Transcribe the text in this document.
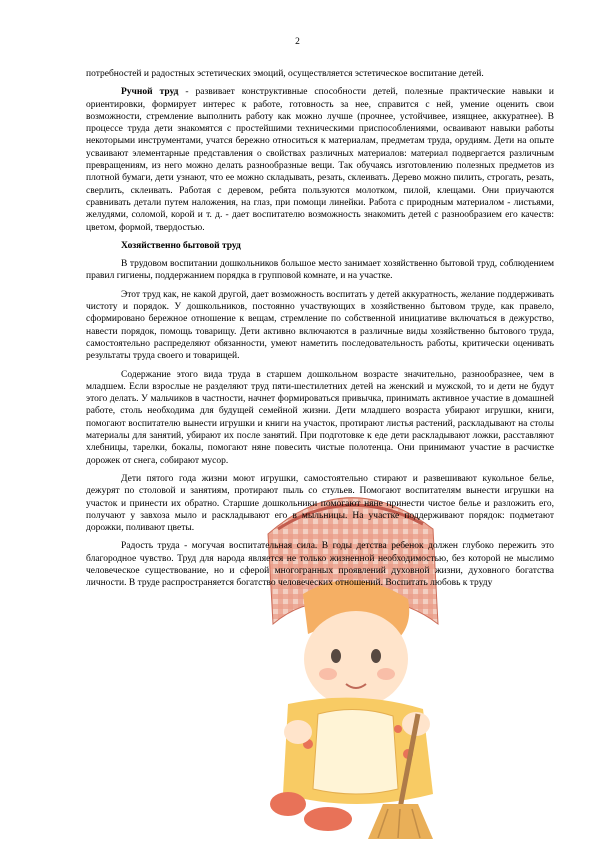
2

потребностей и радостных эстетических эмоций, осуществляется эстетическое воспитание детей.

Ручной труд - развивает конструктивные способности детей, полезные практические навыки и ориентировки, формирует интерес к работе, готовность за нее, справится с ней, умение оценить свои возможности, стремление выполнить работу как можно лучше (прочнее, устойчивее, изящнее, аккуратнее). В процессе труда дети знакомятся с простейшими техническими приспособлениями, осваивают навыки работы некоторыми инструментами, учатся бережно относиться к материалам, предметам труда, орудиям. Дети на опыте усваивают элементарные представления о свойствах различных материалов: материал подвергается различным превращениям, из него можно делать разнообразные вещи. Так обучаясь изготовлению полезных предметов из плотной бумаги, дети узнают, что ее можно складывать, резать, склеивать. Дерево можно пилить, строгать, резать, сверлить, склеивать. Работая с деревом, ребята пользуются молотком, пилой, клещами. Они приучаются сравнивать детали путем наложения, на глаз, при помощи линейки. Работа с природным материалом - листьями, желудями, соломой, корой и т. д. - дает воспитателю возможность знакомить детей с разнообразием его качеств: цветом, формой, твердостью.

Хозяйственно бытовой труд

В трудовом воспитании дошкольников большое место занимает хозяйственно бытовой труд, соблюдением правил гигиены, поддержанием порядка в групповой комнате, и на участке.

Этот труд как, не какой другой, дает возможность воспитать у детей аккуратность, желание поддерживать чистоту и порядок. У дошкольников, постоянно участвующих в хозяйственно бытовом труде, как правело, сформировано бережное отношение к вещам, стремление по собственной инициативе включаться в дежурство, навести порядок, помощь товарищу. Дети активно включаются в различные виды хозяйственно бытового труда, самостоятельно распределяют обязанности, умеют наметить последовательность работы, критически оценивать результаты труда своего и товарищей.

Содержание этого вида труда в старшем дошкольном возрасте значительно, разнообразнее, чем в младшем. Если взрослые не разделяют труд пяти-шестилетних детей на женский и мужской, то и дети не будут этого делать. У мальчиков в частности, начнет формироваться привычка, принимать активное участие в домашней работе, столь необходима для будущей семейной жизни. Дети младшего возраста убирают игрушки, книги, помогают воспитателю вынести игрушки и книги на участок, протирают листья растений, раскладывают на столы материалы для занятий, убирают их после занятий. При подготовке к еде дети раскладывают ложки, расставляют хлебницы, тарелки, бокалы, помогают няне повесить чистые полотенца. Они принимают участие в расчистке дорожек от снега, собирают мусор.

Дети пятого года жизни моют игрушки, самостоятельно стирают и развешивают кукольное белье, дежурят по столовой и занятиям, протирают пыль со стульев. Помогают воспитателям вынести игрушки на участок и принести их обратно. Старшие дошкольники помогают няне принести чистое белье и разложить его, получают у завхоза мыло и раскладывают его в мыльницы. На участке поддерживают порядок: подметают дорожки, поливают цветы.

Радость труда - могучая воспитательная сила. В годы детства ребенок должен глубоко пережить это благородное чувство. Труд для народа является не только жизненной необходимостью, без которой не мыслимо человеческое существование, но и сферой многогранных проявлений духовной жизни, духовного богатства личности. В труде распространяется богатство человеческих отношений. Воспитать любовь к труду
